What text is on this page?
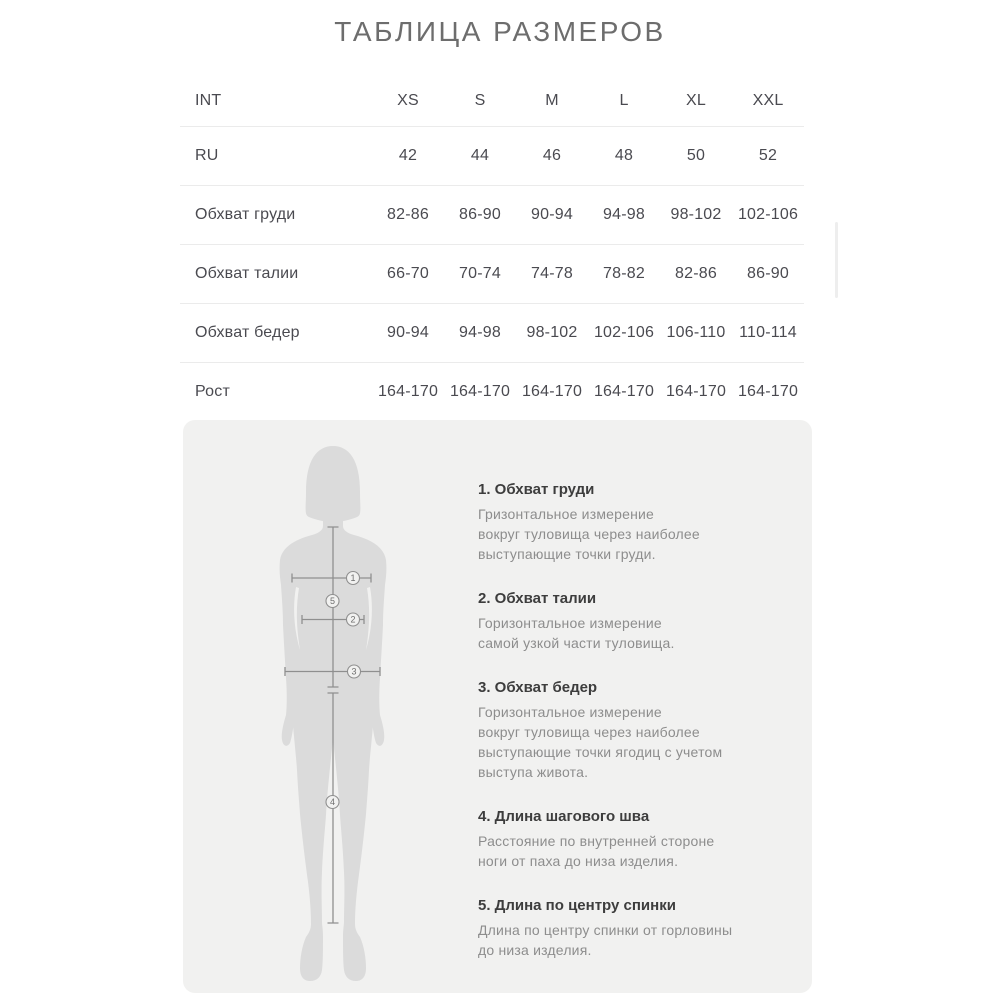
ТАБЛИЦА РАЗМЕРОВ
INT	XS	S	M	L	XL	XXL
RU	42	44	46	48	50	52
Обхват груди	82-86	86-90	90-94	94-98	98-102	102-106
Обхват талии	66-70	70-74	74-78	78-82	82-86	86-90
Обхват бедер	90-94	94-98	98-102	102-106 106-110 110-114
Рост	164-170 164-170 164-170 164-170 164-170 164-170
1
5
2
3
4
1. Обхват груди
Гризонтальное измерение
вокруг туловища через наиболее
выступающие точки груди.
2. Обхват талии
Горизонтальное измерение
самой узкой части туловища.
3. Обхват бедер
Горизонтальное измерение
вокруг туловища через наиболее
выступающие точки ягодиц с учетом
выступа живота.
4. Длина шагового шва
Расстояние по внутренней стороне
ноги от паха до низа изделия.
5. Длина по центру спинки
Длина по центру спинки от горловины
до низа изделия.
